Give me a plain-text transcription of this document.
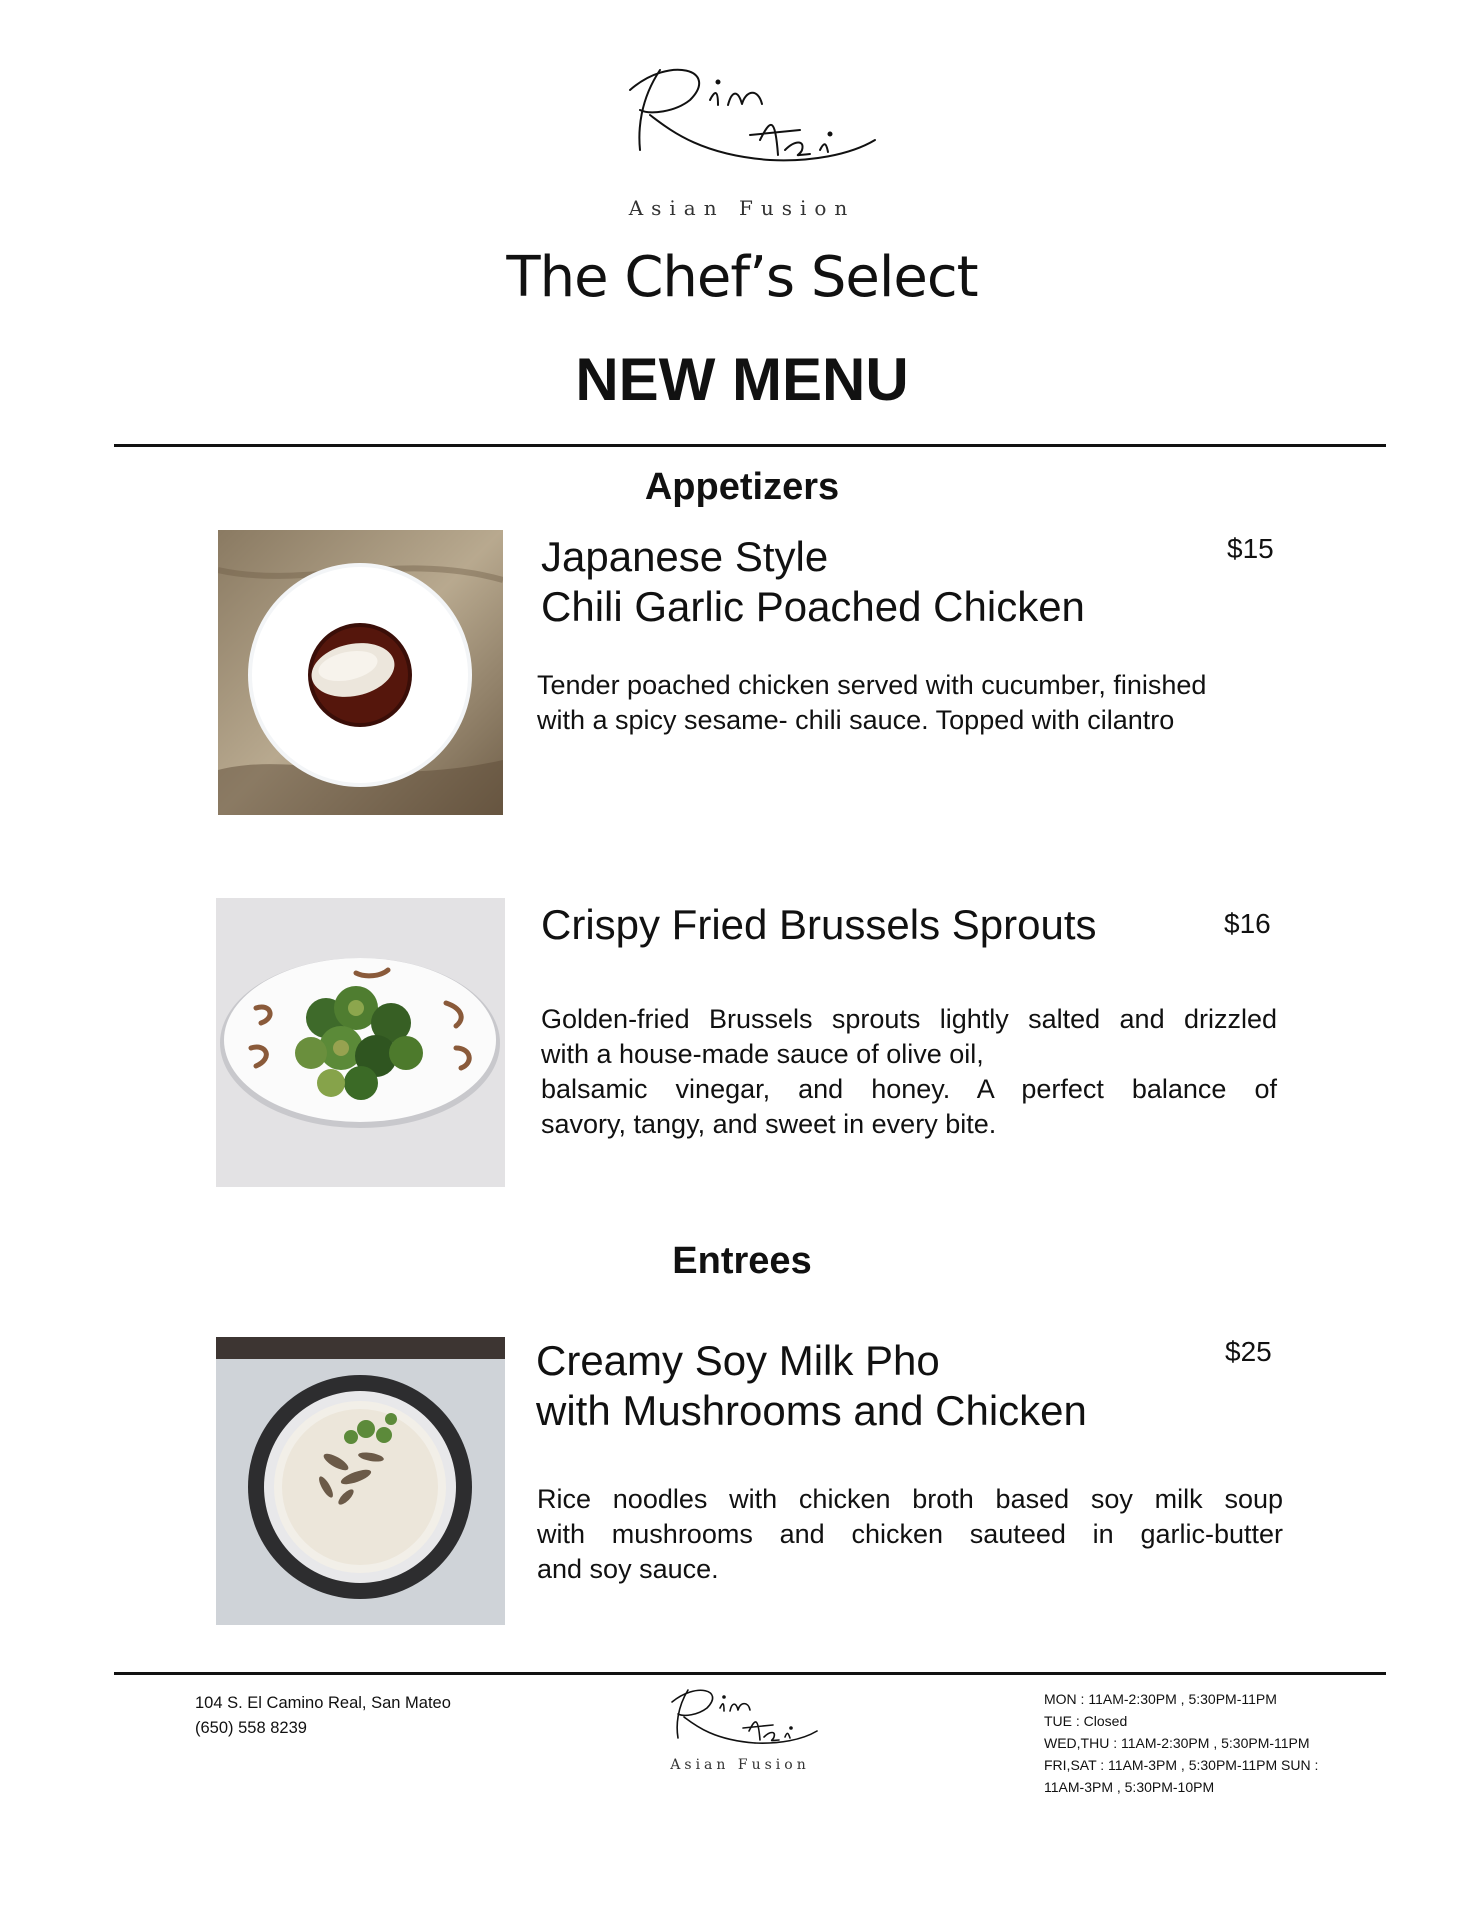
Asian Fusion
The Chef’s Select
NEW MENU
Appetizers
Japanese Style
Chili Garlic Poached Chicken
$15
Tender poached chicken served with cucumber, finished
with a spicy sesame- chili sauce. Topped with cilantro
Crispy Fried Brussels Sprouts	$16
Golden-fried Brussels sprouts lightly salted and drizzled
with a house-made sauce of olive oil,
balsamic vinegar, and honey. A perfect balance of
savory, tangy, and sweet in every bite.
Entrees
Creamy Soy Milk Pho
with Mushrooms and Chicken
$25
Rice noodles with chicken broth based soy milk soup
with mushrooms and chicken sauteed in garlic-butter
and soy sauce.
104 S. El Camino Real, San Mateo
(650) 558 8239
Asian Fusion
MON : 11AM-2:30PM , 5:30PM-11PM
TUE : Closed
WED,THU : 11AM-2:30PM , 5:30PM-11PM
FRI,SAT : 11AM-3PM , 5:30PM-11PM SUN :
11AM-3PM , 5:30PM-10PM
